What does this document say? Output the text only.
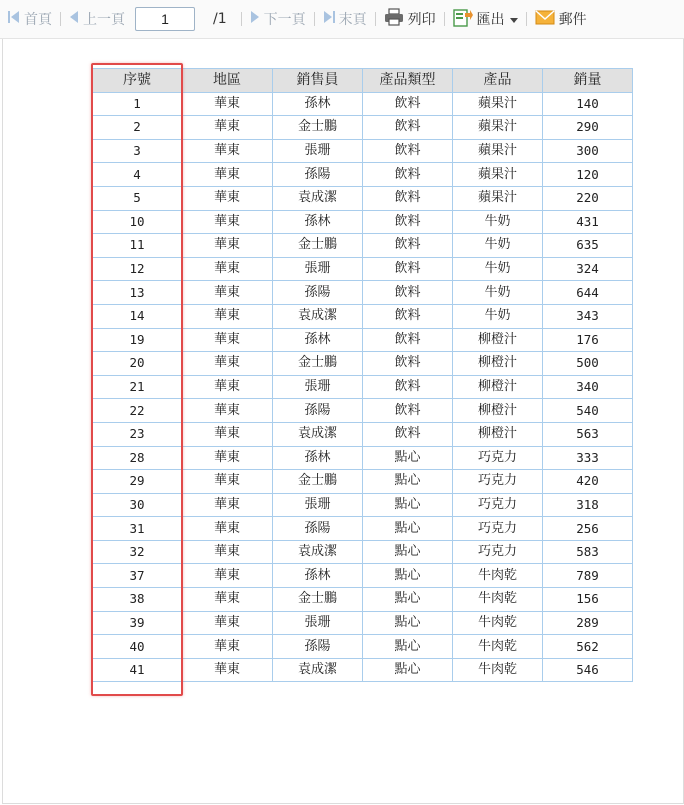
首頁 上一頁
1	/1	下一頁 末頁	列印	匯出	郵件
序號	地區	銷售員	產品類型	產品	銷量
1	華東	孫林	飲料	蘋果汁	140
2	華東	金士鵬	飲料	蘋果汁	290
3	華東	張珊	飲料	蘋果汁	300
4	華東	孫陽	飲料	蘋果汁	120
5	華東	袁成潔	飲料	蘋果汁	220
10	華東	孫林	飲料	牛奶	431
11	華東	金士鵬	飲料	牛奶	635
12	華東	張珊	飲料	牛奶	324
13	華東	孫陽	飲料	牛奶	644
14	華東	袁成潔	飲料	牛奶	343
19	華東	孫林	飲料	柳橙汁	176
20	華東	金士鵬	飲料	柳橙汁	500
21	華東	張珊	飲料	柳橙汁	340
22	華東	孫陽	飲料	柳橙汁	540
23	華東	袁成潔	飲料	柳橙汁	563
28	華東	孫林	點心	巧克力	333
29	華東	金士鵬	點心	巧克力	420
30	華東	張珊	點心	巧克力	318
31	華東	孫陽	點心	巧克力	256
32	華東	袁成潔	點心	巧克力	583
37	華東	孫林	點心	牛肉乾	789
38	華東	金士鵬	點心	牛肉乾	156
39	華東	張珊	點心	牛肉乾	289
40	華東	孫陽	點心	牛肉乾	562
41	華東	袁成潔	點心	牛肉乾	546
